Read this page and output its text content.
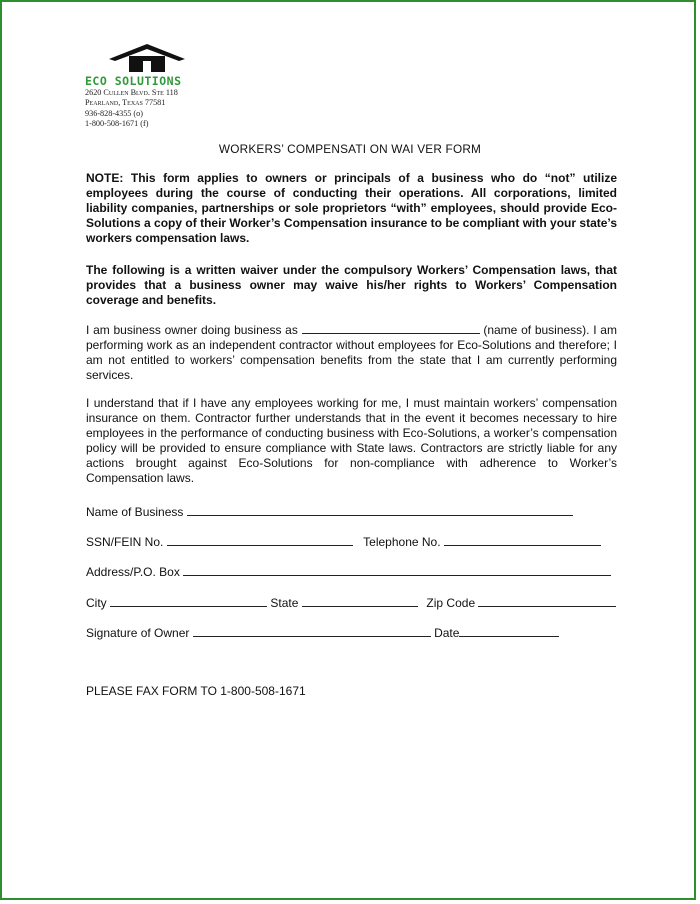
ECO SOLUTIONS
2620 Cullen Blvd. Ste 118
Pearland, Texas 77581
936-828-4355 (o)
1-800-508-1671 (f)
WORKERS’ COMPENSATI ON WAI VER FORM
NOTE: This form applies to owners or principals of a business who do “not” utilize employees during the course of conducting their operations. All corporations, limited liability companies, partnerships or sole proprietors “with” employees, should provide Eco-Solutions a copy of their Worker’s Compensation insurance to be compliant with your state’s workers compensation laws.
The following is a written waiver under the compulsory Workers’ Compensation laws, that provides that a business owner may waive his/her rights to Workers’ Compensation coverage and benefits.
I am business owner doing business as	(name of business). I am performing work as an independent contractor without employees for Eco-Solutions and therefore; I am not entitled to workers’ compensation benefits from the state that I am currently performing services.
I understand that if I have any employees working for me, I must maintain workers’ compensation insurance on them. Contractor further understands that in the event it becomes necessary to hire employees in the performance of conducting business with Eco-Solutions, a worker’s compensation policy will be provided to ensure compliance with State laws. Contractors are strictly liable for any actions brought against Eco-Solutions for non-compliance with adherence to Worker’s Compensation laws.
Name of Business
SSN/FEIN No.	Telephone No.
Address/P.O. Box
City	State	Zip Code
Signature of Owner	Date
PLEASE FAX FORM TO 1-800-508-1671
